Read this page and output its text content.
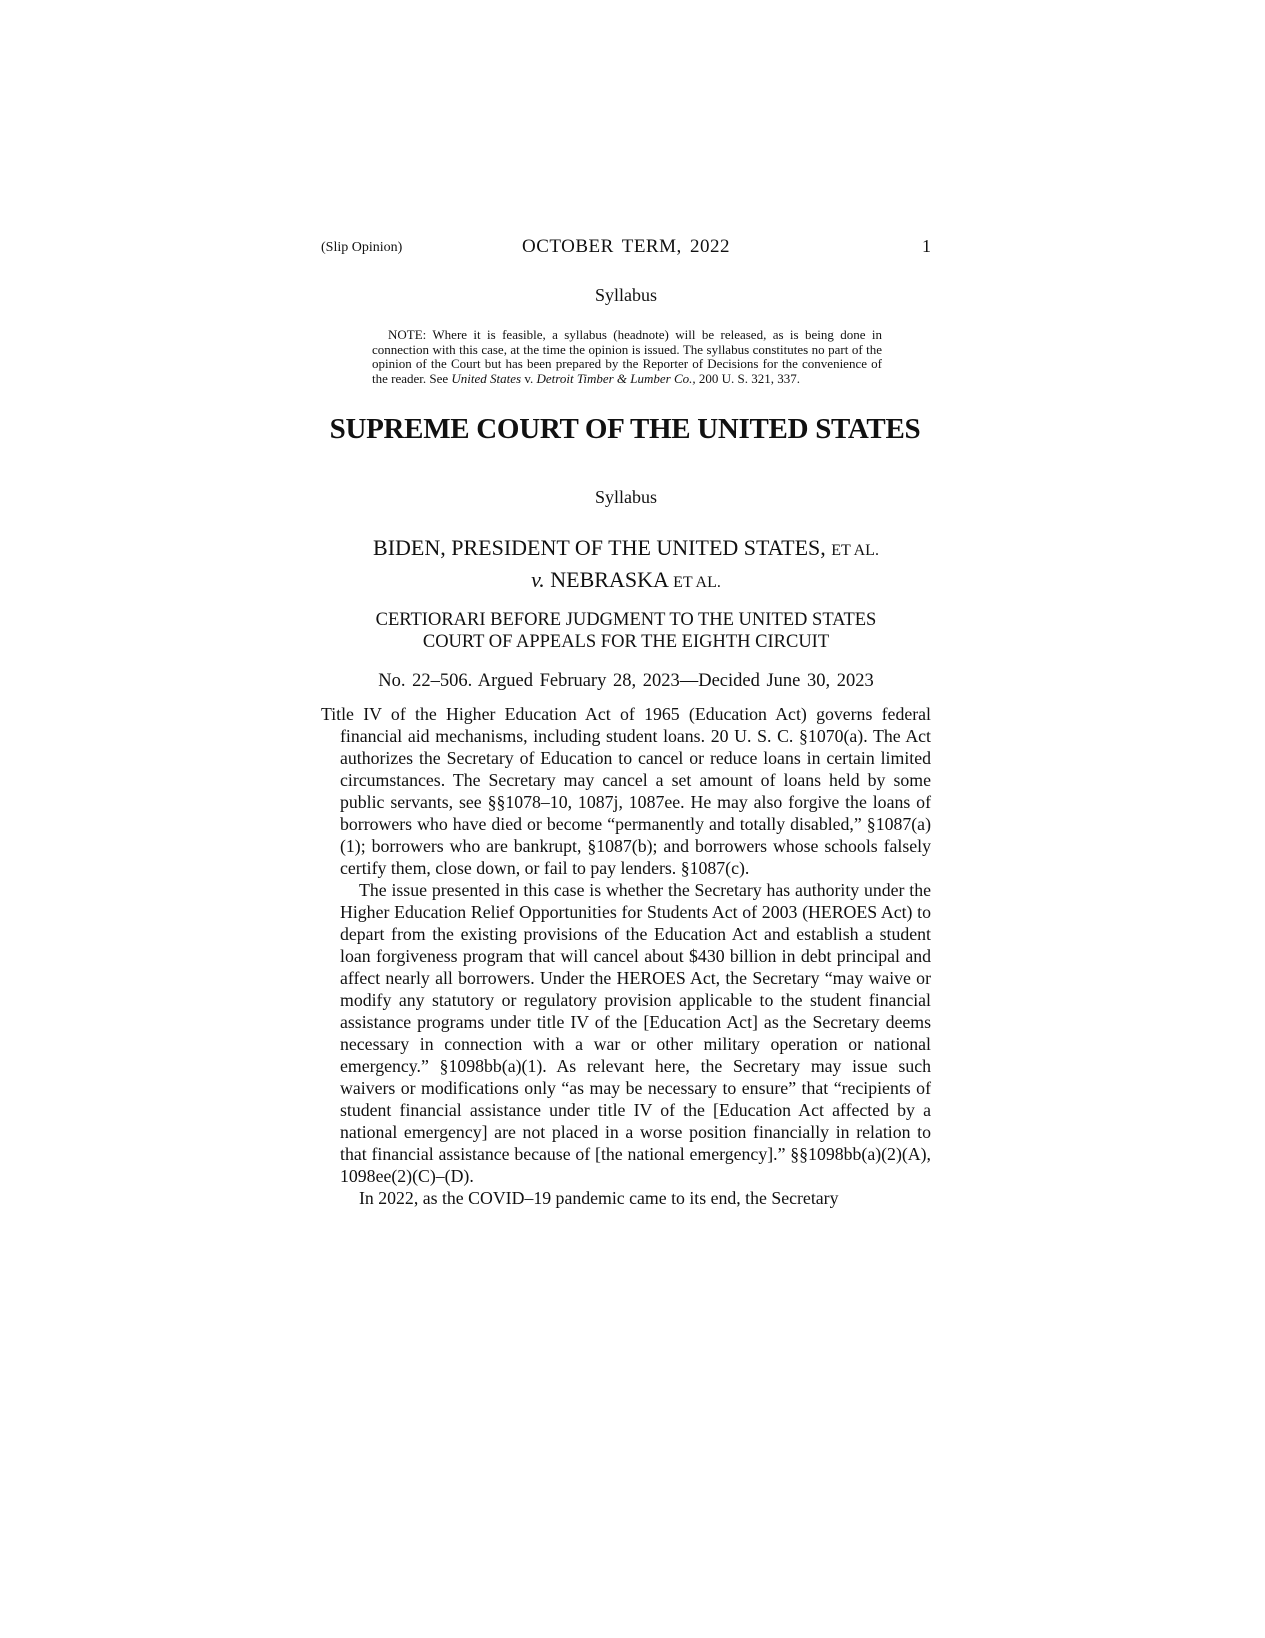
(Slip Opinion)	OCTOBER TERM, 2022	1
Syllabus

NOTE: Where it is feasible, a syllabus (headnote) will be released, as is being done in connection with this case, at the time the opinion is issued. The syllabus constitutes no part of the opinion of the Court but has been prepared by the Reporter of Decisions for the convenience of the reader. See United States v. Detroit Timber & Lumber Co., 200 U. S. 321, 337.

SUPREME COURT OF THE UNITED STATES
Syllabus
BIDEN, PRESIDENT OF THE UNITED STATES, ET AL.
v. NEBRASKA ET AL.
CERTIORARI BEFORE JUDGMENT TO THE UNITED STATES
COURT OF APPEALS FOR THE EIGHTH CIRCUIT
No. 22–506. Argued February 28, 2023—Decided June 30, 2023

Title IV of the Higher Education Act of 1965 (Education Act) governs federal financial aid mechanisms, including student loans. 20 U. S. C. §1070(a). The Act authorizes the Secretary of Education to cancel or reduce loans in certain limited circumstances. The Secretary may cancel a set amount of loans held by some public servants, see §§1078–10, 1087j, 1087ee. He may also forgive the loans of borrowers who have died or become “permanently and totally disabled,” §1087(a)(1); borrowers who are bankrupt, §1087(b); and borrowers whose schools falsely certify them, close down, or fail to pay lenders. §1087(c).

The issue presented in this case is whether the Secretary has authority under the Higher Education Relief Opportunities for Students Act of 2003 (HEROES Act) to depart from the existing provisions of the Education Act and establish a student loan forgiveness program that will cancel about $430 billion in debt principal and affect nearly all borrowers. Under the HEROES Act, the Secretary “may waive or modify any statutory or regulatory provision applicable to the student financial assistance programs under title IV of the [Education Act] as the Secretary deems necessary in connection with a war or other military operation or national emergency.” §1098bb(a)(1). As relevant here, the Secretary may issue such waivers or modifications only “as may be necessary to ensure” that “recipients of student financial assistance under title IV of the [Education Act affected by a national emergency] are not placed in a worse position financially in relation to that financial assistance because of [the national emergency].” §§1098bb(a)(2)(A), 1098ee(2)(C)–(D).

In 2022, as the COVID–19 pandemic came to its end, the Secretary
